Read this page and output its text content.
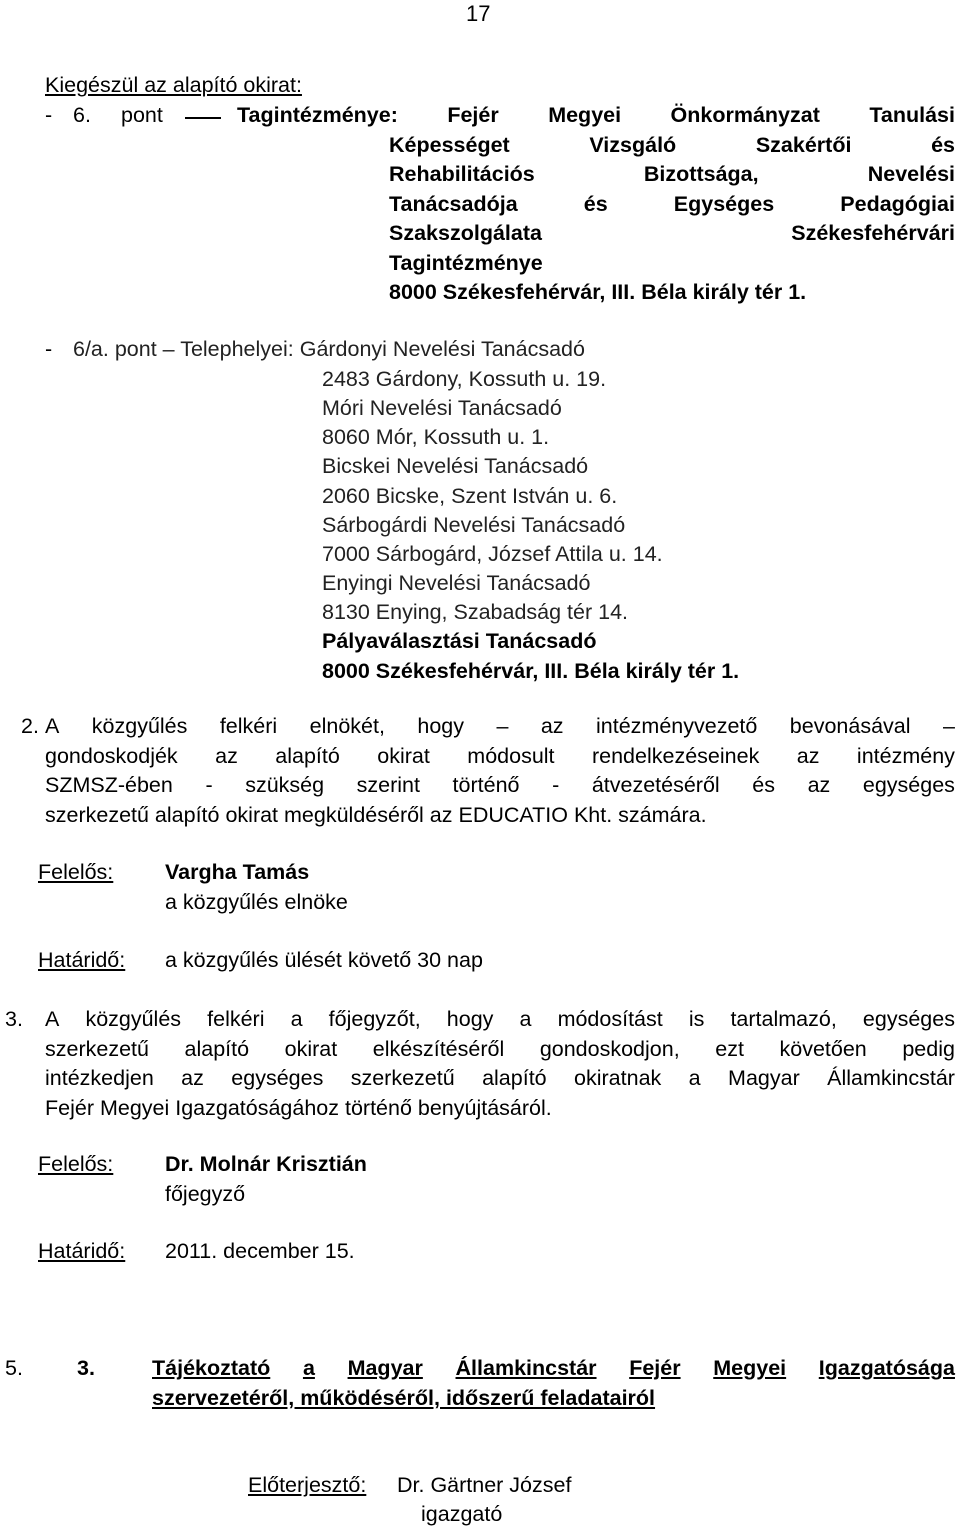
17
Kiegészül az alapító okirat:
- 6. pont	Tagintézménye: Fejér Megyei Önkormányzat Tanulási
Képességet	Vizsgáló	Szakértői	és
Rehabilitációs	Bizottsága,	Nevelési
Tanácsadója	és	Egységes	Pedagógiai
Szakszolgálata	Székesfehérvári
Tagintézménye
8000 Székesfehérvár, III. Béla király tér 1.
- 6/a. pont – Telephelyei: Gárdonyi Nevelési Tanácsadó
2483 Gárdony, Kossuth u. 19.
Móri Nevelési Tanácsadó
8060 Mór, Kossuth u. 1.
Bicskei Nevelési Tanácsadó
2060 Bicske, Szent István u. 6.
Sárbogárdi Nevelési Tanácsadó
7000 Sárbogárd, József Attila u. 14.
Enyingi Nevelési Tanácsadó
8130 Enying, Szabadság tér 14.
Pályaválasztási Tanácsadó
8000 Székesfehérvár, III. Béla király tér 1.
2. A közgyűlés felkéri elnökét, hogy – az intézményvezető bevonásával –
gondoskodjék az alapító okirat módosult rendelkezéseinek az intézmény
SZMSZ-ében - szükség szerint történő - átvezetéséről és az egységes
szerkezetű alapító okirat megküldéséről az EDUCATIO Kht. számára.
Felelős: Vargha Tamás
a közgyűlés elnöke
Határidő: a közgyűlés ülését követő 30 nap
3. A közgyűlés felkéri a főjegyzőt, hogy a módosítást is tartalmazó, egységes
szerkezetű alapító okirat elkészítéséről gondoskodjon, ezt követően pedig
intézkedjen az egységes szerkezetű alapító okiratnak a Magyar Államkincstár
Fejér Megyei Igazgatóságához történő benyújtásáról.
Felelős: Dr. Molnár Krisztián
főjegyző
Határidő: 2011. december 15.
5.	3.	Tájékoztató a Magyar Államkincstár Fejér Megyei Igazgatósága
szervezetéről, működéséről, időszerű feladatairól
Előterjesztő: Dr. Gärtner József
igazgató
